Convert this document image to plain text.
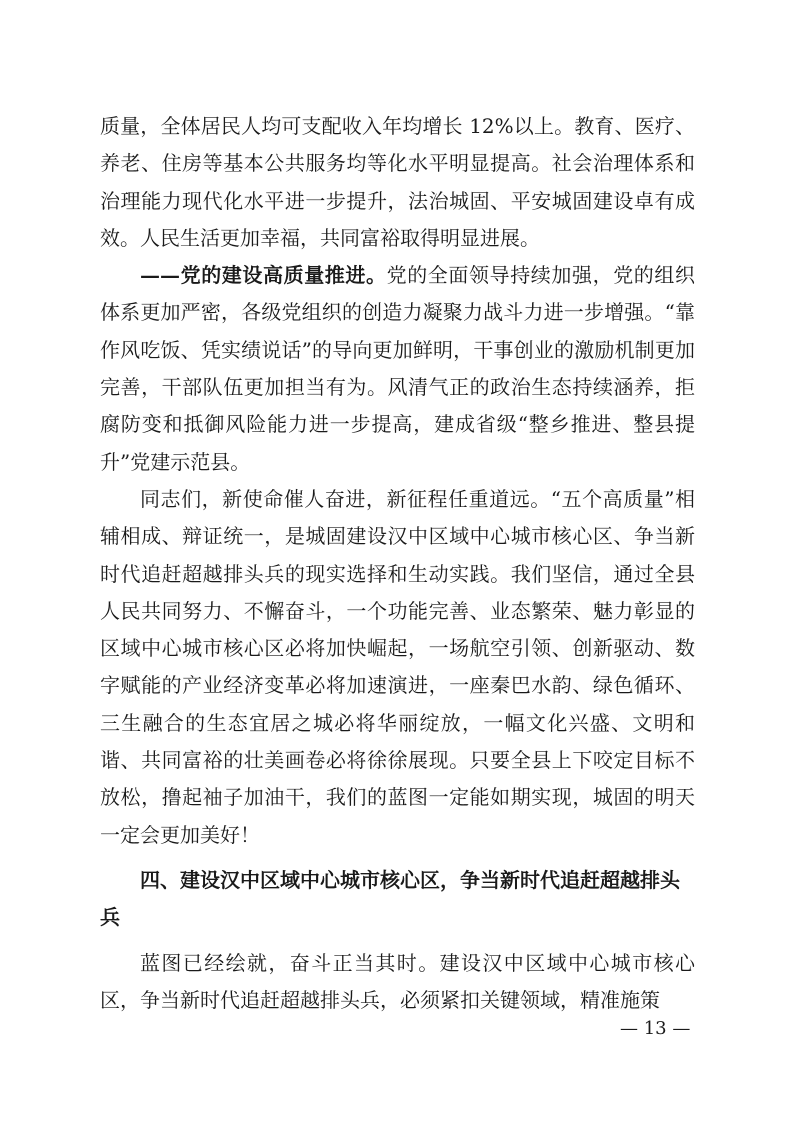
质量，全体居民人均可支配收入年均增长 12%以上。教育、医疗、养老、住房等基本公共服务均等化水平明显提高。社会治理体系和治理能力现代化水平进一步提升，法治城固、平安城固建设卓有成效。人民生活更加幸福，共同富裕取得明显进展。

——党的建设高质量推进。党的全面领导持续加强，党的组织体系更加严密，各级党组织的创造力凝聚力战斗力进一步增强。“靠作风吃饭、凭实绩说话”的导向更加鲜明，干事创业的激励机制更加完善，干部队伍更加担当有为。风清气正的政治生态持续涵养，拒腐防变和抵御风险能力进一步提高，建成省级“整乡推进、整县提升”党建示范县。

同志们，新使命催人奋进，新征程任重道远。“五个高质量”相辅相成、辩证统一，是城固建设汉中区域中心城市核心区、争当新时代追赶超越排头兵的现实选择和生动实践。我们坚信，通过全县人民共同努力、不懈奋斗，一个功能完善、业态繁荣、魅力彰显的区域中心城市核心区必将加快崛起，一场航空引领、创新驱动、数字赋能的产业经济变革必将加速演进，一座秦巴水韵、绿色循环、三生融合的生态宜居之城必将华丽绽放，一幅文化兴盛、文明和谐、共同富裕的壮美画卷必将徐徐展现。只要全县上下咬定目标不放松，撸起袖子加油干，我们的蓝图一定能如期实现，城固的明天一定会更加美好！

四、建设汉中区域中心城市核心区，争当新时代追赶超越排头兵

蓝图已经绘就，奋斗正当其时。建设汉中区域中心城市核心区，争当新时代追赶超越排头兵，必须紧扣关键领域，精准施策

— 13 —
